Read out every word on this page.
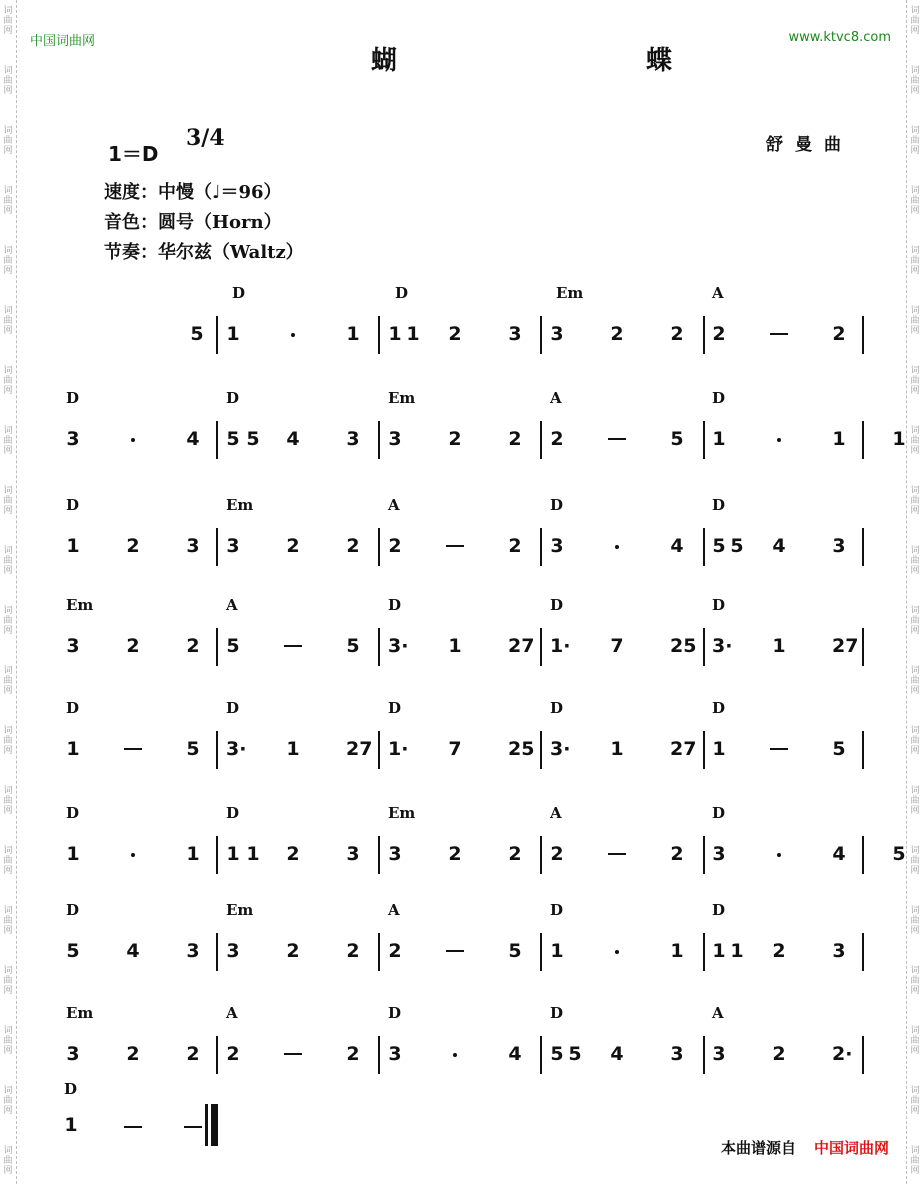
词曲网
词曲网
词曲网
词曲网
词曲网
词曲网
词曲网
词曲网
词曲网
词曲网
词曲网
词曲网
词曲网
词曲网
词曲网
词曲网
词曲网
词曲网
词曲网
词曲网
词曲网
词曲网
词曲网
词曲网
词曲网
词曲网
词曲网
词曲网
词曲网
词曲网
词曲网
词曲网
词曲网
词曲网
词曲网
词曲网
词曲网
词曲网
词曲网
词曲网
中国词曲网	www.ktvc8.com
蝴 蝶
1＝D
3/4	舒曼曲
速度：中慢（♩＝96）
音色：圆号（Horn）
节奏：华尔兹（Waltz）
D	D	Em	A
5 1	1 1
1 2 3 3 2 2 2	2
D	D	Em	A	D
3	4 5
5 4 3 3 2 2 2	5 1	1 1
D	Em	A	D	D
1 2 3 3 2 2 2	2 3	4 5
5 4 3
Em	A	D	D	D
3 2 2 5	5 3· 1 27 1· 7 25 3· 1 27
D	D	D	D	D
1	5 3· 1 27 1· 7 25 3· 1 27 1	5
D	D	Em	A	D
1	1 1
1 2 3 3 2 2 2	2 3	4 5
D	Em	A	D	D
5 4 3 3 2 2 2	5 1	1 1
1 2 3
Em	A	D	D	A
3 2 2 2	2 3	4 5
5 4 3 3 2 2·
D
1
本曲谱源自 中国词曲网
